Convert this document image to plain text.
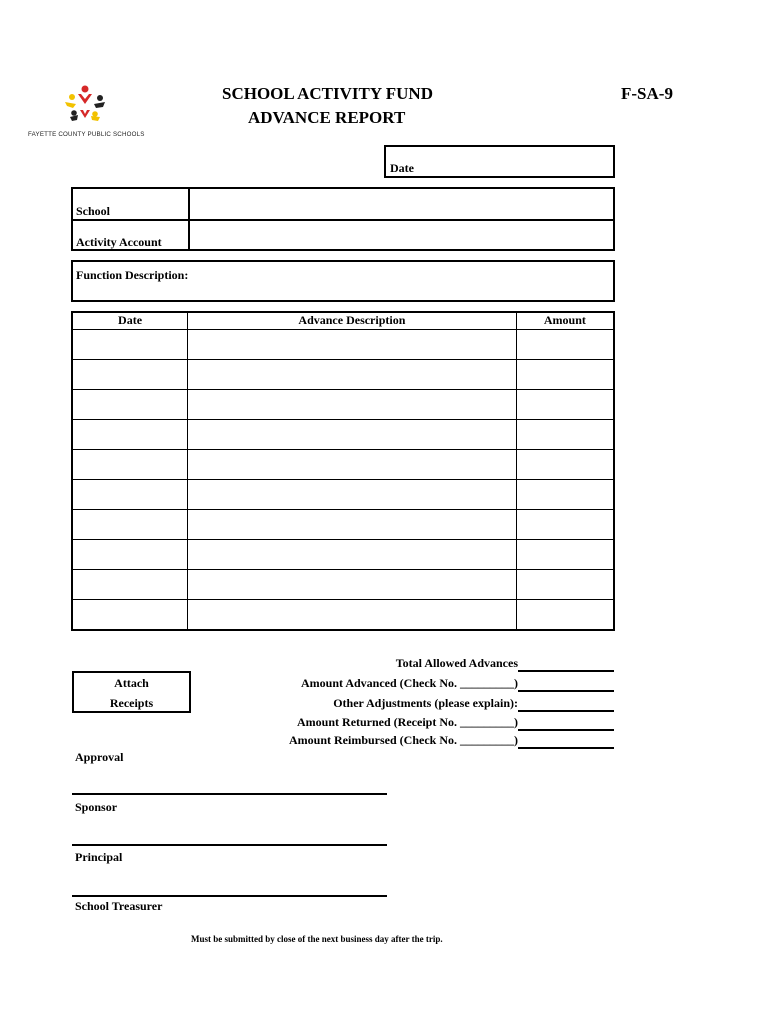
FAYETTE COUNTY PUBLIC SCHOOLS
SCHOOL ACTIVITY FUND
ADVANCE REPORT
F-SA-9
Date
School
Activity Account
Function Description:
Date	Advance Description	Amount

Attach
Receipts
Total Allowed Advances
Amount Advanced (Check No. _________)
Other Adjustments (please explain):
Amount Returned (Receipt No. _________)
Amount Reimbursed (Check No. _________)
Approval
Sponsor
Principal
School Treasurer
Must be submitted by close of the next business day after the trip.
